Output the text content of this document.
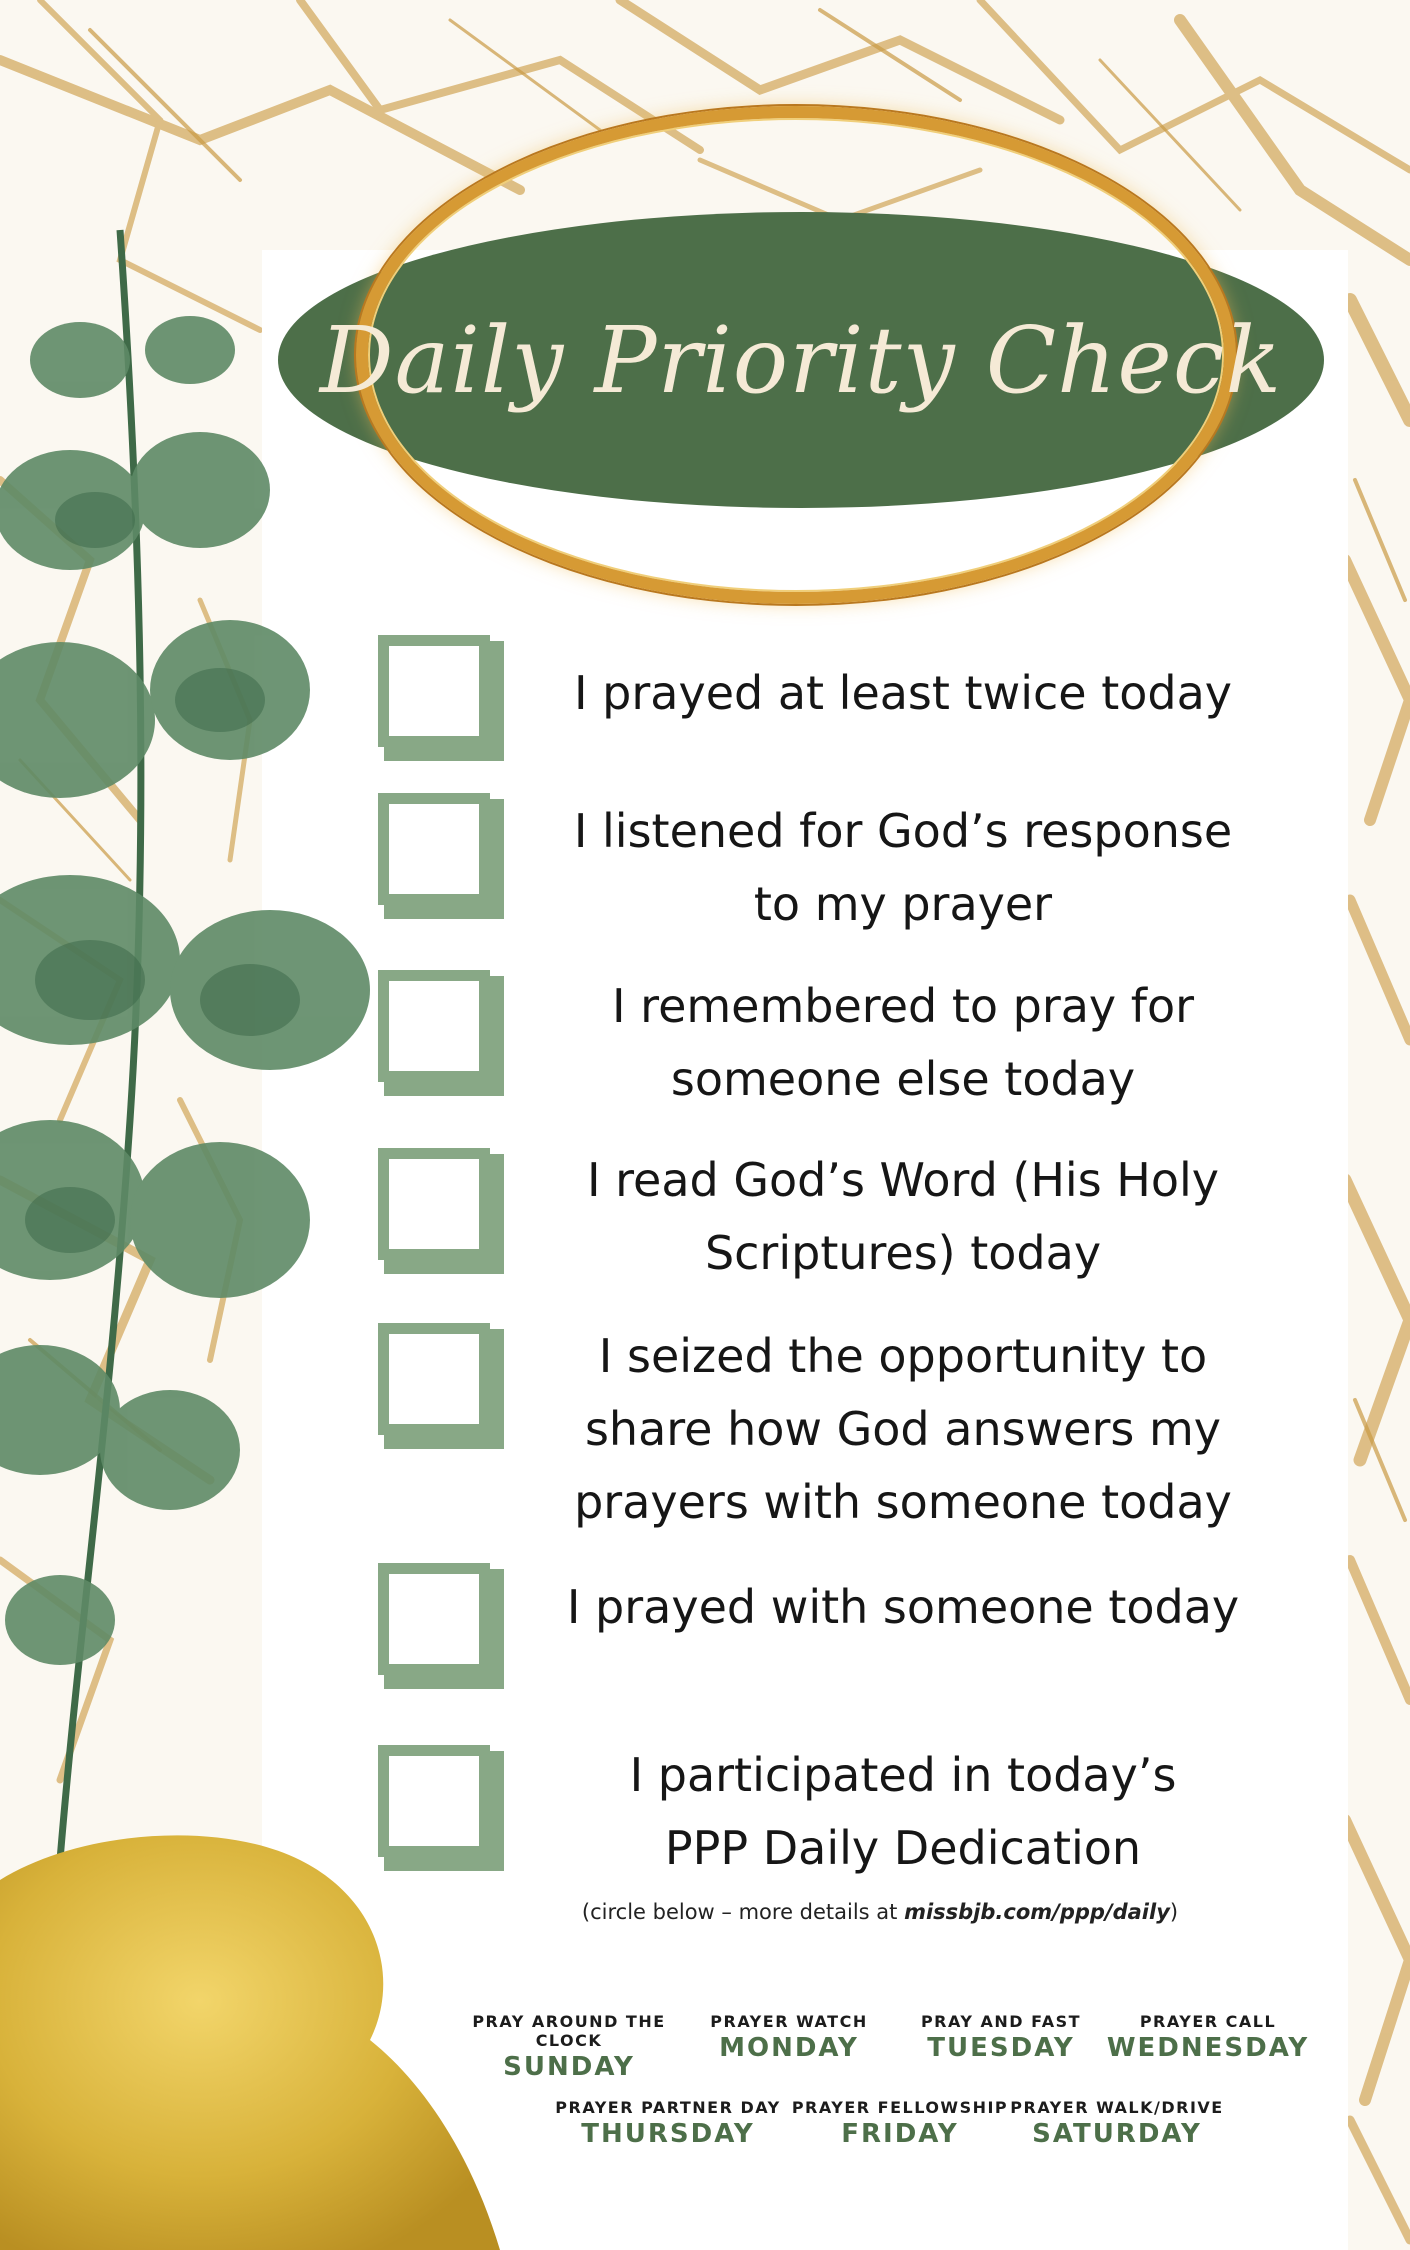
Daily Priority Check
I prayed at least twice today
I listened for God’s response
to my prayer
I remembered to pray for
someone else today
I read God’s Word (His Holy
Scriptures) today
I seized the opportunity to
share how God answers my
prayers with someone today
I prayed with someone today
I participated in today’s
PPP Daily Dedication
(circle below – more details at missbjb.com/ppp/daily)
PRAY AROUND THE CLOCK
SUNDAY
PRAYER WATCH
MONDAY
PRAY AND FAST
TUESDAY
PRAYER CALL
WEDNESDAY
PRAYER PARTNER DAY
THURSDAY
PRAYER FELLOWSHIP
FRIDAY
PRAYER WALK/DRIVE
SATURDAY
